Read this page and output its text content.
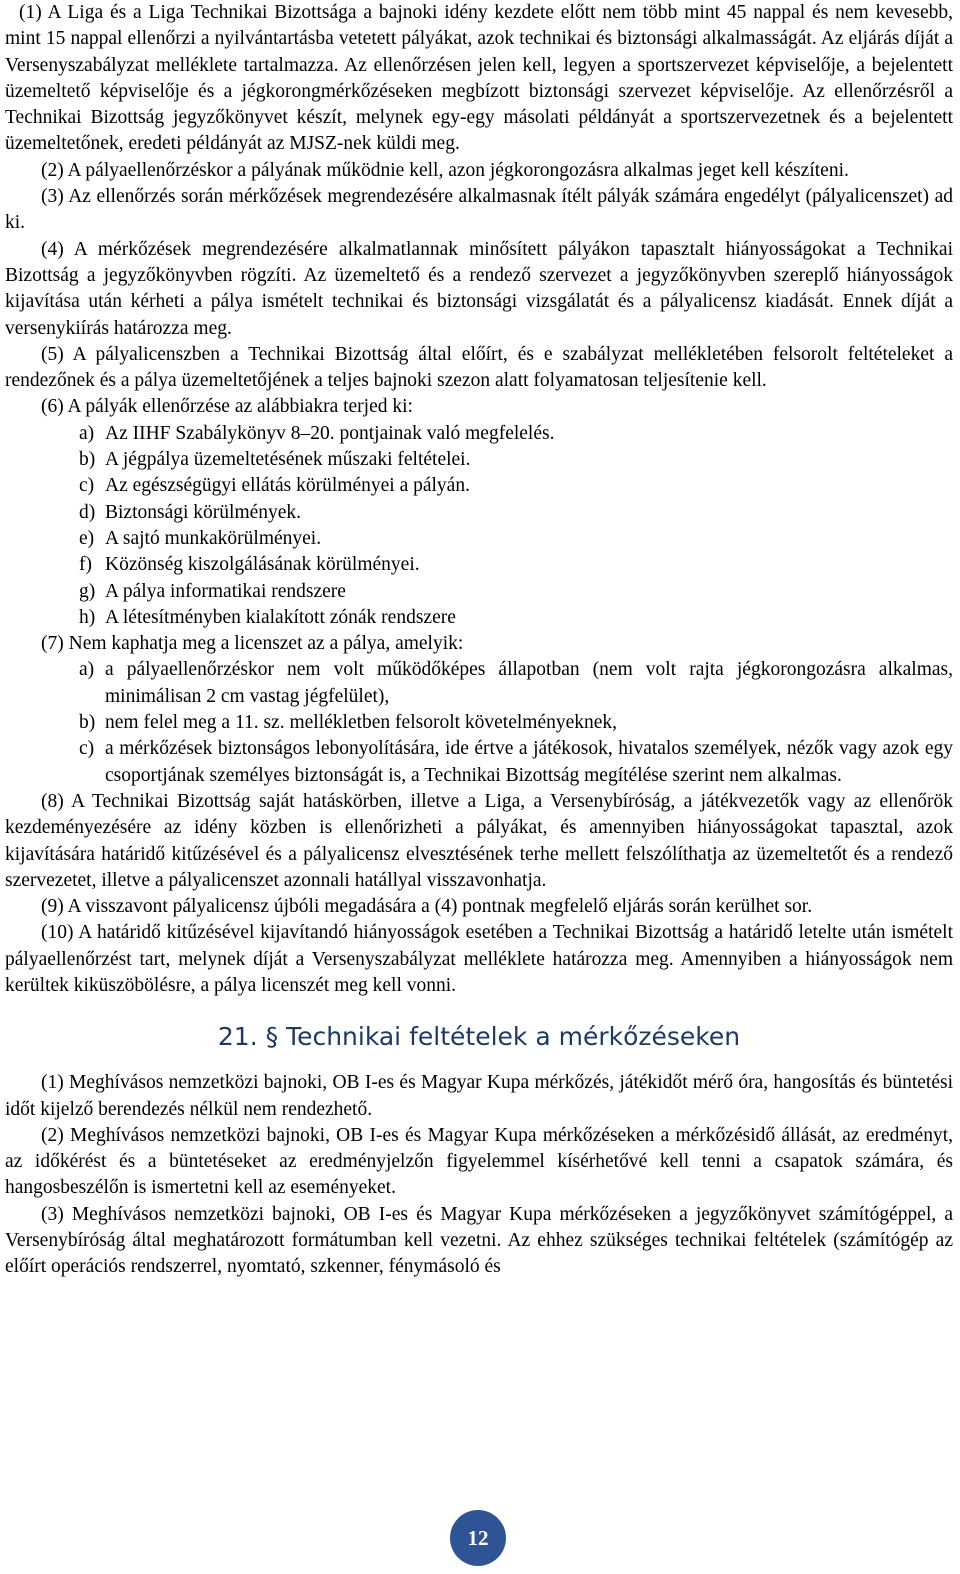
(1) A Liga és a Liga Technikai Bizottsága a bajnoki idény kezdete előtt nem több mint 45 nappal és nem kevesebb, mint 15 nappal ellenőrzi a nyilvántartásba vetetett pályákat, azok technikai és biztonsági alkalmasságát. Az eljárás díját a Versenyszabályzat melléklete tartalmazza. Az ellenőrzésen jelen kell, legyen a sportszervezet képviselője, a bejelentett üzemeltető képviselője és a jégkorongmérkőzéseken megbízott biztonsági szervezet képviselője. Az ellenőrzésről a Technikai Bizottság jegyzőkönyvet készít, melynek egy-egy másolati példányát a sportszervezetnek és a bejelentett üzemeltetőnek, eredeti példányát az MJSZ-nek küldi meg.

(2) A pályaellenőrzéskor a pályának működnie kell, azon jégkorongozásra alkalmas jeget kell készíteni.

(3) Az ellenőrzés során mérkőzések megrendezésére alkalmasnak ítélt pályák számára engedélyt (pályalicenszet) ad ki.

(4) A mérkőzések megrendezésére alkalmatlannak minősített pályákon tapasztalt hiányosságokat a Technikai Bizottság a jegyzőkönyvben rögzíti. Az üzemeltető és a rendező szervezet a jegyzőkönyvben szereplő hiányosságok kijavítása után kérheti a pálya ismételt technikai és biztonsági vizsgálatát és a pályalicensz kiadását. Ennek díját a versenykiírás határozza meg.

(5) A pályalicenszben a Technikai Bizottság által előírt, és e szabályzat mellékletében felsorolt feltételeket a rendezőnek és a pálya üzemeltetőjének a teljes bajnoki szezon alatt folyamatosan teljesítenie kell.

(6) A pályák ellenőrzése az alábbiakra terjed ki:

a) Az IIHF Szabálykönyv 8–20. pontjainak való megfelelés.
b) A jégpálya üzemeltetésének műszaki feltételei.
c) Az egészségügyi ellátás körülményei a pályán.
d) Biztonsági körülmények.
e) A sajtó munkakörülményei.
f) Közönség kiszolgálásának körülményei.
g) A pálya informatikai rendszere
h) A létesítményben kialakított zónák rendszere

(7) Nem kaphatja meg a licenszet az a pálya, amelyik:

a) a pályaellenőrzéskor nem volt működőképes állapotban (nem volt rajta jégkorongozásra alkalmas, minimálisan 2 cm vastag jégfelület),
b) nem felel meg a 11. sz. mellékletben felsorolt követelményeknek,
c) a mérkőzések biztonságos lebonyolítására, ide értve a játékosok, hivatalos személyek, nézők vagy azok egy csoportjának személyes biztonságát is, a Technikai Bizottság megítélése szerint nem alkalmas.

(8) A Technikai Bizottság saját hatáskörben, illetve a Liga, a Versenybíróság, a játékvezetők vagy az ellenőrök kezdeményezésére az idény közben is ellenőrizheti a pályákat, és amennyiben hiányosságokat tapasztal, azok kijavítására határidő kitűzésével és a pályalicensz elvesztésének terhe mellett felszólíthatja az üzemeltetőt és a rendező szervezetet, illetve a pályalicenszet azonnali hatállyal visszavonhatja.

(9) A visszavont pályalicensz újbóli megadására a (4) pontnak megfelelő eljárás során kerülhet sor.

(10) A határidő kitűzésével kijavítandó hiányosságok esetében a Technikai Bizottság a határidő letelte után ismételt pályaellenőrzést tart, melynek díját a Versenyszabályzat melléklete határozza meg. Amennyiben a hiányosságok nem kerültek kiküszöbölésre, a pálya licenszét meg kell vonni.

21. § Technikai feltételek a mérkőzéseken

(1) Meghívásos nemzetközi bajnoki, OB I-es és Magyar Kupa mérkőzés, játékidőt mérő óra, hangosítás és büntetési időt kijelző berendezés nélkül nem rendezhető.

(2) Meghívásos nemzetközi bajnoki, OB I-es és Magyar Kupa mérkőzéseken a mérkőzésidő állását, az eredményt, az időkérést és a büntetéseket az eredményjelzőn figyelemmel kísérhetővé kell tenni a csapatok számára, és hangosbeszélőn is ismertetni kell az eseményeket.

(3) Meghívásos nemzetközi bajnoki, OB I-es és Magyar Kupa mérkőzéseken a jegyzőkönyvet számítógéppel, a Versenybíróság által meghatározott formátumban kell vezetni. Az ehhez szükséges technikai feltételek (számítógép az előírt operációs rendszerrel, nyomtató, szkenner, fénymásoló és

12
